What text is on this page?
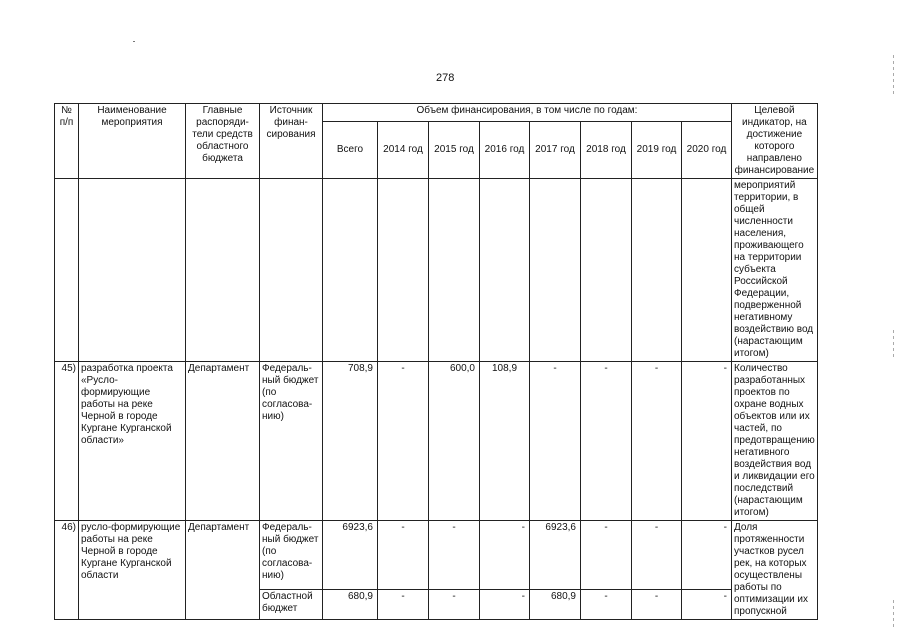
278
№ п/п	Наименование мероприятия	Главные распоряди-тели средств областного бюджета	Источник финан-сирования	Объем финансирования, в том числе по годам:								Целевой индикатор, на достижение которого направлено финансирование
				Всего	2014 год	2015 год	2016 год	2017 год	2018 год	2019 год	2020 год	
												мероприятий территории, в общей численности населения, проживающего на территории субъекта Российской Федерации, подверженной негативному воздействию вод (нарастающим итогом)
45)	разработка проекта «Русло-формирующие работы на реке Черной в городе Кургане Курганской области»	Департамент	Федераль-ный бюджет (по согласова-нию)	708,9	-	600,0	108,9	-	-	-	-	Количество разработанных проектов по охране водных объектов или их частей, по предотвращению негативного воздействия вод и ликвидации его последствий (нарастающим итогом)
46)	русло-формирующие работы на реке Черной в городе Кургане Курганской области	Департамент	Федераль-ный бюджет (по согласова-нию)	6923,6	-	-	-	6923,6	-	-	-	Доля протяженности участков русел рек, на которых осуществлены работы по оптимизации их пропускной
			Областной бюджет	680,9	-	-	-	680,9	-	-	-	
